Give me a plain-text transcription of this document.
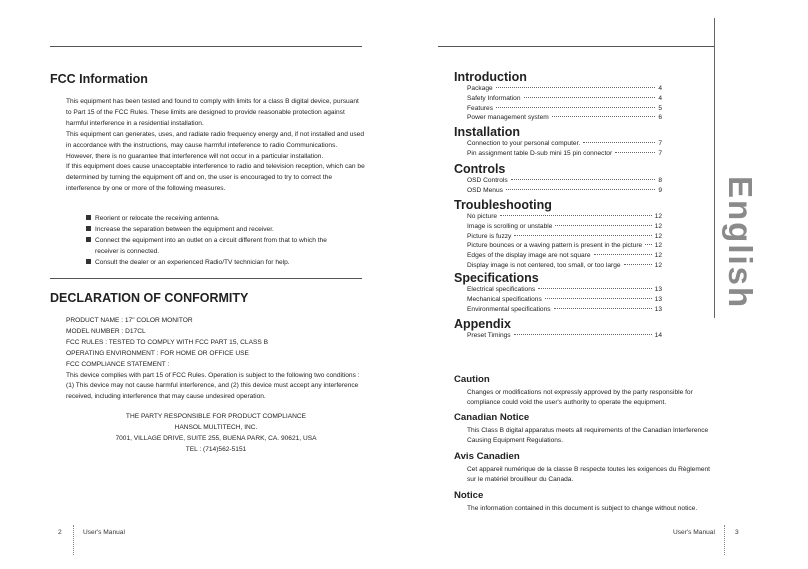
FCC Information

This equipment has been tested and found to comply with limits for a class B digital device, pursuant to Part 15 of the FCC Rules. These limits are designed to provide reasonable protection against harmful interference in a residential installation.

This equipment can generates, uses, and radiate radio frequency energy and, if not installed and used in accordance with the instructions, may cause harmful inteference to radio Communications. However, there is no guarantee that interference will not occur in a particular installation.

If this equipment does cause unacceptable interference to radio and television reception, which can be determined by turning the equipment off and on, the user is encouraged to try to correct the interference by one or more of the following measures.

Reorient or relocate the receiving antenna.
Increase the separation between the equipment and receiver.
Connect the equipment into an outlet on a circuit different from that to which the
receiver is connected.
Consult the dealer or an experienced Radio/TV technician for help.
DECLARATION OF CONFORMITY

PRODUCT NAME : 17" COLOR MONITOR

MODEL NUMBER : D17CL

FCC RULES : TESTED TO COMPLY WITH FCC PART 15, CLASS B

OPERATING ENVIRONMENT : FOR HOME OR OFFICE USE

FCC COMPLIANCE STATEMENT :

This device complies with part 15 of FCC Rules. Operation is subject to the following two conditions : (1) This device may not cause harmful interference, and (2) this device must accept any interference received, including interference that may cause undesired operation.

THE PARTY RESPONSIBLE FOR PRODUCT COMPLIANCE

HANSOL MULTITECH, INC.

7001, VILLAGE DRIVE, SUITE 255, BUENA PARK, CA. 90621, USA

TEL : (714)562-5151

2	User's Manual
Introduction
Package	4
Safety Information	4
Features	5
Power management system	6
Installation
Connection to your personal computer.	7
Pin assignment table D-sub mini 15 pin connector	7
Controls
OSD Controls	8
OSD Menus	9
Troubleshooting
No picture	12
Image is scrolling or unstable	12
Picture is fuzzy	12
Picture bounces or a waving pattern is present in the picture 12
Edges of the display image are not square	12
Display image is not centered, too small, or too large	12
Specifications
Electrical specifications	13
Mechanical specifications	13
Environmental specifications	13
Appendix
Preset Timings	14
Caution

Changes or modifications not expressly approved by the party responsible for compliance could void the user's authority to operate the equipment.

Canadian Notice

This Class B digital apparatus meets all requirements of the Canadian Interference Causing Equipment Regulations.

Avis Canadien

Cet appareil numérique de la classe B respecte toutes les exigences du Règlement sur le matériel brouilleur du Canada.

Notice

The information contained in this document is subject to change without notice.

English
User's Manual	3
